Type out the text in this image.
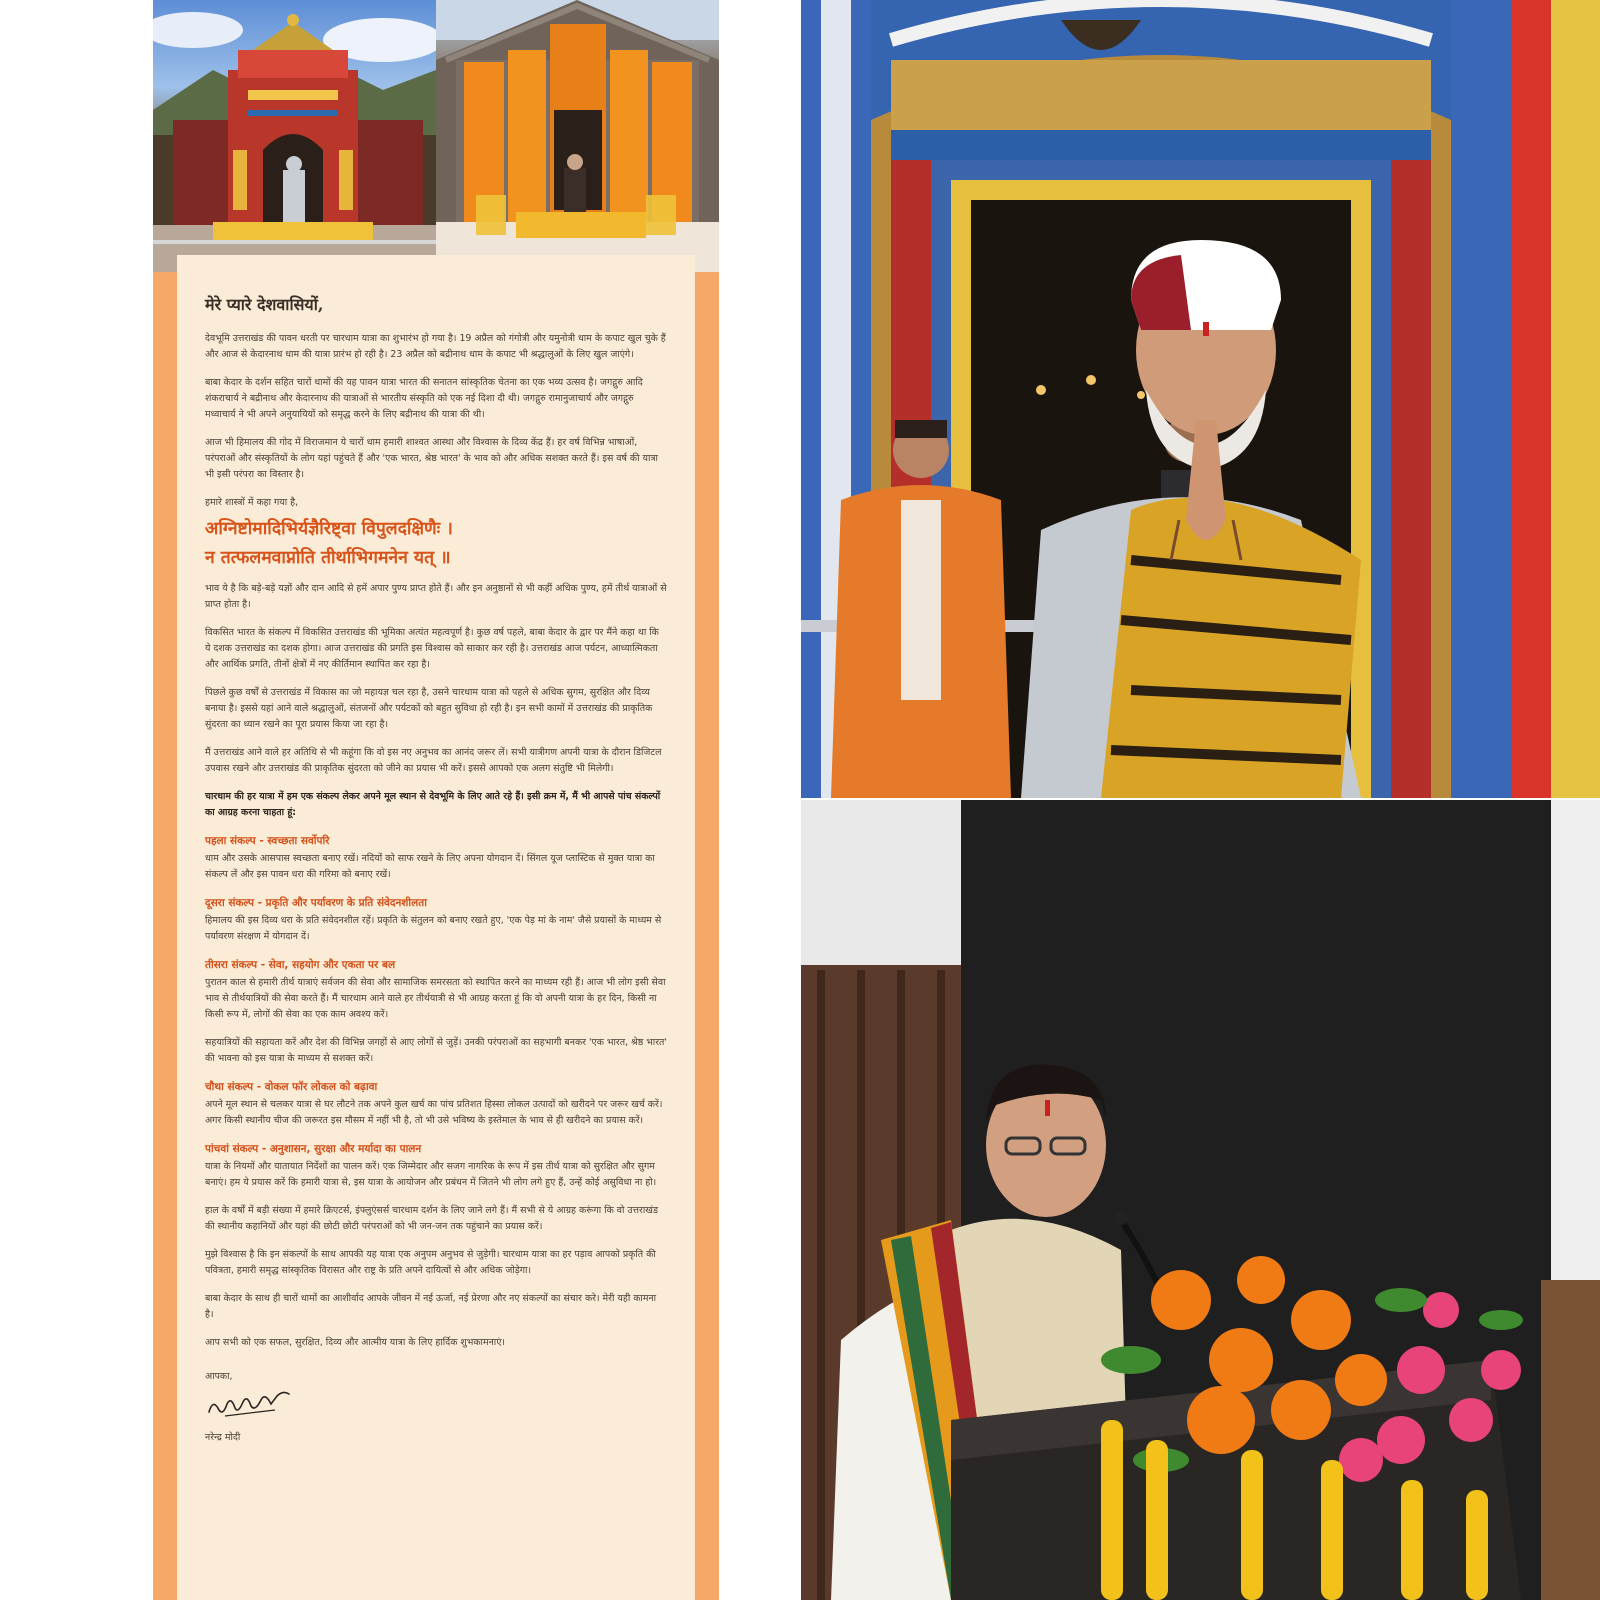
मेरे प्यारे देशवासियों,

देवभूमि उत्तराखंड की पावन धरती पर चारधाम यात्रा का शुभारंभ हो गया है। 19 अप्रैल को गंगोत्री और यमुनोत्री धाम के कपाट खुल चुके हैं और आज से केदारनाथ धाम की यात्रा प्रारंभ हो रही है। 23 अप्रैल को बद्रीनाथ धाम के कपाट भी श्रद्धालुओं के लिए खुल जाएंगे।

बाबा केदार के दर्शन सहित चारों धामों की यह पावन यात्रा भारत की सनातन सांस्कृतिक चेतना का एक भव्य उत्सव है। जगद्गुरु आदि शंकराचार्य ने बद्रीनाथ और केदारनाथ की यात्राओं से भारतीय संस्कृति को एक नई दिशा दी थी। जगद्गुरु रामानुजाचार्य और जगद्गुरु मध्वाचार्य ने भी अपने अनुयायियों को समृद्ध करने के लिए बद्रीनाथ की यात्रा की थी।

आज भी हिमालय की गोद में विराजमान ये चारों धाम हमारी शाश्वत आस्था और विश्वास के दिव्य केंद्र हैं। हर वर्ष विभिन्न भाषाओं, परंपराओं और संस्कृतियों के लोग यहां पहुंचते हैं और 'एक भारत, श्रेष्ठ भारत' के भाव को और अधिक सशक्त करते हैं। इस वर्ष की यात्रा भी इसी परंपरा का विस्तार है।

हमारे शास्त्रों में कहा गया है,

अग्निष्टोमादिभिर्यज्ञैरिष्ट्वा विपुलदक्षिणैः ।
न तत्फलमवाप्नोति तीर्थाभिगमनेन यत् ॥

भाव ये है कि बड़े-बड़े यज्ञों और दान आदि से हमें अपार पुण्य प्राप्त होते हैं। और इन अनुष्ठानों से भी कहीं अधिक पुण्य, हमें तीर्थ यात्राओं से प्राप्त होता है।

विकसित भारत के संकल्प में विकसित उत्तराखंड की भूमिका अत्यंत महत्वपूर्ण है। कुछ वर्ष पहले, बाबा केदार के द्वार पर मैंने कहा था कि ये दशक उत्तराखंड का दशक होगा। आज उत्तराखंड की प्रगति इस विश्वास को साकार कर रही है। उत्तराखंड आज पर्यटन, आध्यात्मिकता और आर्थिक प्रगति, तीनों क्षेत्रों में नए कीर्तिमान स्थापित कर रहा है।

पिछले कुछ वर्षों से उत्तराखंड में विकास का जो महायज्ञ चल रहा है, उसने चारधाम यात्रा को पहले से अधिक सुगम, सुरक्षित और दिव्य बनाया है। इससे यहां आने वाले श्रद्धालुओं, संतजनों और पर्यटकों को बहुत सुविधा हो रही है। इन सभी कामों में उत्तराखंड की प्राकृतिक सुंदरता का ध्यान रखने का पूरा प्रयास किया जा रहा है।

मैं उत्तराखंड आने वाले हर अतिथि से भी कहूंगा कि वो इस नए अनुभव का आनंद जरूर लें। सभी यात्रीगण अपनी यात्रा के दौरान डिजिटल उपवास रखने और उत्तराखंड की प्राकृतिक सुंदरता को जीने का प्रयास भी करें। इससे आपको एक अलग संतुष्टि भी मिलेगी।

चारधाम की हर यात्रा में हम एक संकल्प लेकर अपने मूल स्थान से देवभूमि के लिए आते रहे हैं। इसी क्रम में, मैं भी आपसे पांच संकल्पों का आग्रह करना चाहता हूं:

पहला संकल्प - स्वच्छता सर्वोपरि

धाम और उसके आसपास स्वच्छता बनाए रखें। नदियों को साफ रखने के लिए अपना योगदान दें। सिंगल यूज प्लास्टिक से मुक्त यात्रा का संकल्प लें और इस पावन धरा की गरिमा को बनाए रखें।

दूसरा संकल्प - प्रकृति और पर्यावरण के प्रति संवेदनशीलता

हिमालय की इस दिव्य धरा के प्रति संवेदनशील रहें। प्रकृति के संतुलन को बनाए रखते हुए, 'एक पेड़ मां के नाम' जैसे प्रयासों के माध्यम से पर्यावरण संरक्षण में योगदान दें।

तीसरा संकल्प - सेवा, सहयोग और एकता पर बल

पुरातन काल से हमारी तीर्थ यात्राएं सर्वजन की सेवा और सामाजिक समरसता को स्थापित करने का माध्यम रही हैं। आज भी लोग इसी सेवा भाव से तीर्थयात्रियों की सेवा करते हैं। मैं चारधाम आने वाले हर तीर्थयात्री से भी आग्रह करता हूं कि वो अपनी यात्रा के हर दिन, किसी ना किसी रूप में, लोगों की सेवा का एक काम अवश्य करें।

सहयात्रियों की सहायता करें और देश की विभिन्न जगहों से आए लोगों से जुड़ें। उनकी परंपराओं का सहभागी बनकर 'एक भारत, श्रेष्ठ भारत' की भावना को इस यात्रा के माध्यम से सशक्त करें।

चौथा संकल्प - वोकल फॉर लोकल को बढ़ावा

अपने मूल स्थान से चलकर यात्रा से घर लौटने तक अपने कुल खर्च का पांच प्रतिशत हिस्सा लोकल उत्पादों को खरीदने पर जरूर खर्च करें। अगर किसी स्थानीय चीज की जरूरत इस मौसम में नहीं भी है, तो भी उसे भविष्य के इस्तेमाल के भाव से ही खरीदने का प्रयास करें।

पांचवां संकल्प - अनुशासन, सुरक्षा और मर्यादा का पालन

यात्रा के नियमों और यातायात निर्देशों का पालन करें। एक जिम्मेदार और सजग नागरिक के रूप में इस तीर्थ यात्रा को सुरक्षित और सुगम बनाएं। हम ये प्रयास करें कि हमारी यात्रा से, इस यात्रा के आयोजन और प्रबंधन में जितने भी लोग लगे हुए हैं, उन्हें कोई असुविधा ना हो।

हाल के वर्षों में बड़ी संख्या में हमारे क्रिएटर्स, इंफ्लुएंसर्स चारधाम दर्शन के लिए जाने लगे हैं। मैं सभी से ये आग्रह करूंगा कि वो उत्तराखंड की स्थानीय कहानियों और यहां की छोटी छोटी परंपराओं को भी जन-जन तक पहुंचाने का प्रयास करें।

मुझे विश्वास है कि इन संकल्पों के साथ आपकी यह यात्रा एक अनुपम अनुभव से जुड़ेगी। चारधाम यात्रा का हर पड़ाव आपको प्रकृति की पवित्रता, हमारी समृद्ध सांस्कृतिक विरासत और राष्ट्र के प्रति अपने दायित्वों से और अधिक जोड़ेगा।

बाबा केदार के साथ ही चारों धामों का आशीर्वाद आपके जीवन में नई ऊर्जा, नई प्रेरणा और नए संकल्पों का संचार करे। मेरी यही कामना है।

आप सभी को एक सफल, सुरक्षित, दिव्य और आत्मीय यात्रा के लिए हार्दिक शुभकामनाएं।

आपका,
नरेन्द्र मोदी
